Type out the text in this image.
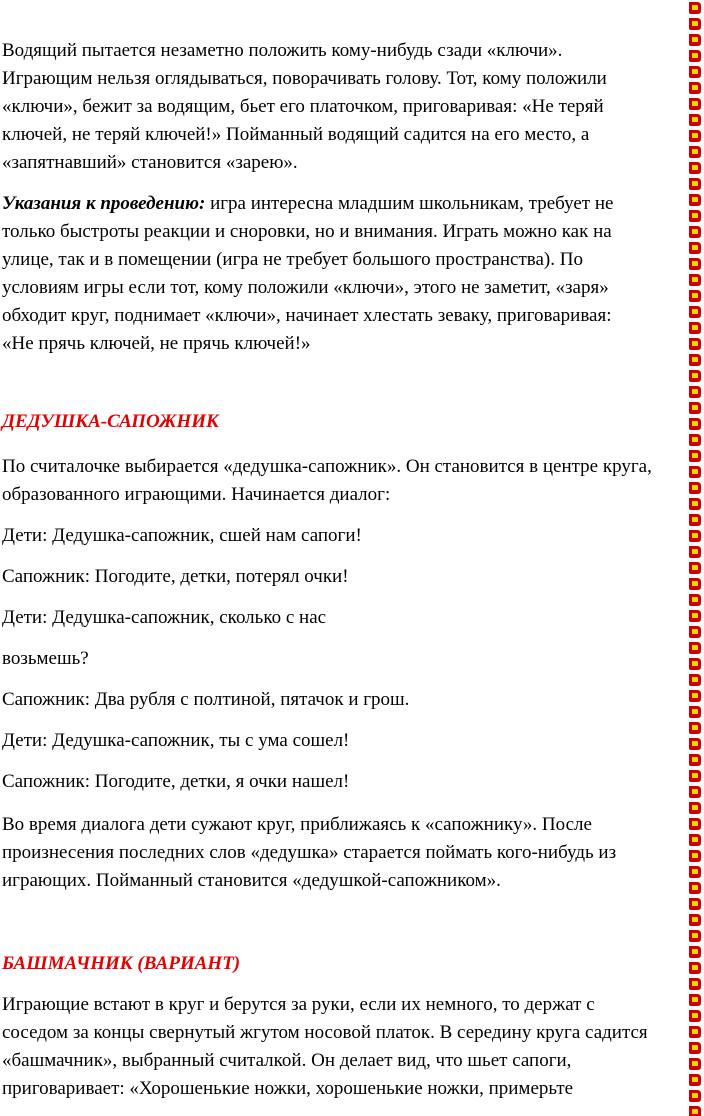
Водящий пытается незаметно положить кому-нибудь сзади «ключи».
Играющим нельзя оглядываться, поворачивать голову. Тот, кому положили
«ключи», бежит за водящим, бьет его платочком, приговаривая: «Не теряй
ключей, не теряй ключей!» Пойманный водящий садится на его место, а
«запятнавший» становится «зарею».
Указания к проведению: игра интересна младшим школьникам, требует не
только быстроты реакции и сноровки, но и внимания. Играть можно как на
улице, так и в помещении (игра не требует большого пространства). По
условиям игры если тот, кому положили «ключи», этого не заметит, «заря»
обходит круг, поднимает «ключи», начинает хлестать зеваку, приговаривая:
«Не прячь ключей, не прячь ключей!»
ДЕДУШКА-САПОЖНИК
По считалочке выбирается «дедушка-сапожник». Он становится в центре круга,
образованного играющими. Начинается диалог:
Дети: Дедушка-сапожник, сшей нам сапоги!
Сапожник: Погодите, детки, потерял очки!
Дети: Дедушка-сапожник, сколько с нас
возьмешь?
Сапожник: Два рубля с полтиной, пятачок и грош.
Дети: Дедушка-сапожник, ты с ума сошел!
Сапожник: Погодите, детки, я очки нашел!
Во время диалога дети сужают круг, приближаясь к «сапожнику». После
произнесения последних слов «дедушка» старается поймать кого-нибудь из
играющих. Пойманный становится «дедушкой-сапожником».
БАШМАЧНИК (ВАРИАНТ)
Играющие встают в круг и берутся за руки, если их немного, то держат с
соседом за концы свернутый жгутом носовой платок. В середину круга садится
«башмачник», выбранный считалкой. Он делает вид, что шьет сапоги,
приговаривает: «Хорошенькие ножки, хорошенькие ножки, примерьте
